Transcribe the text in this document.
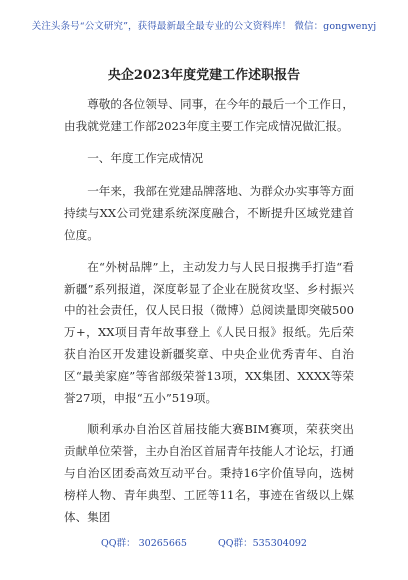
关注头条号“公文研究”，获得最新最全最专业的公文资料库！ 微信：gongwenyj
央企2023年度党建工作述职报告

尊敬的各位领导、同事，在今年的最后一个工作日，由我就党建工作部2023年度主要工作完成情况做汇报。

一、年度工作完成情况

一年来，我部在党建品牌落地、为群众办实事等方面持续与XX公司党建系统深度融合，不断提升区域党建首位度。

在“外树品牌”上，主动发力与人民日报携手打造“看新疆”系列报道，深度彰显了企业在脱贫攻坚、乡村振兴中的社会责任，仅人民日报（微博）总阅读量即突破500万+，XX项目青年故事登上《人民日报》报纸。先后荣获自治区开发建设新疆奖章、中央企业优秀青年、自治区“最美家庭”等省部级荣誉13项，XX集团、XXXX等荣誉27项，申报“五小”519项。

顺利承办自治区首届技能大赛BIM赛项，荣获突出贡献单位荣誉，主办自治区首届青年技能人才论坛，打通与自治区团委高效互动平台。秉持16字价值导向，选树榜样人物、青年典型、工匠等11名，事迹在省级以上媒体、集团

QQ群： 30265665	QQ群：535304092
